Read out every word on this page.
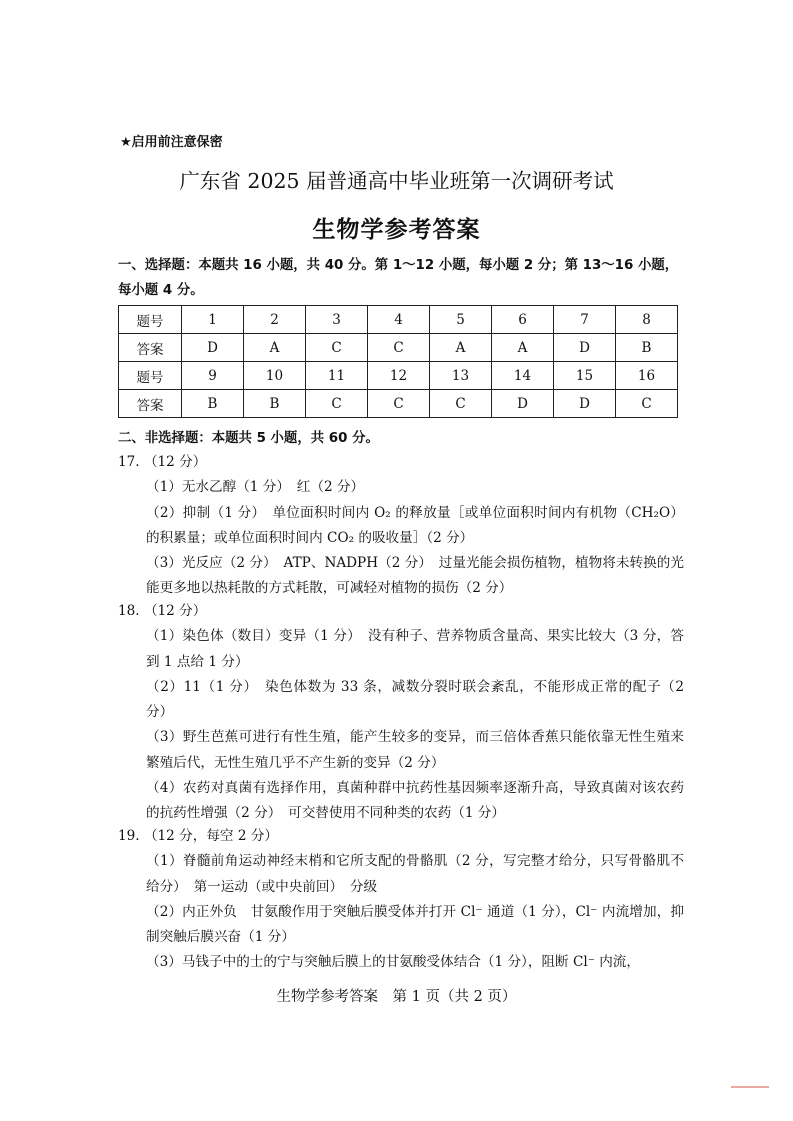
★启用前注意保密
广东省 2025 届普通高中毕业班第一次调研考试
生物学参考答案
一、选择题：本题共 16 小题，共 40 分。第 1～12 小题，每小题 2 分；第 13～16 小题，每小题 4 分。
题号	1	2	3	4	5	6	7	8
答案	D	A	C	C	A	A	D	B
题号	9	10	11	12	13	14	15	16
答案	B	B	C	C	C	D	D	C
二、非选择题：本题共 5 小题，共 60 分。
17. （12 分）
（1）无水乙醇（1 分）　红（2 分）
（2）抑制（1 分）　单位面积时间内 O₂ 的释放量［或单位面积时间内有机物（CH₂O）的积累量；或单位面积时间内 CO₂ 的吸收量］（2 分）
（3）光反应（2 分）　ATP、NADPH（2 分）　过量光能会损伤植物，植物将未转换的光能更多地以热耗散的方式耗散，可减轻对植物的损伤（2 分）
18. （12 分）
（1）染色体（数目）变异（1 分）　没有种子、营养物质含量高、果实比较大（3 分，答到 1 点给 1 分）
（2）11（1 分）　染色体数为 33 条，减数分裂时联会紊乱，不能形成正常的配子（2 分）
（3）野生芭蕉可进行有性生殖，能产生较多的变异，而三倍体香蕉只能依靠无性生殖来繁殖后代，无性生殖几乎不产生新的变异（2 分）
（4）农药对真菌有选择作用，真菌种群中抗药性基因频率逐渐升高，导致真菌对该农药的抗药性增强（2 分）　可交替使用不同种类的农药（1 分）
19. （12 分，每空 2 分）
（1）脊髓前角运动神经末梢和它所支配的骨骼肌（2 分，写完整才给分，只写骨骼肌不给分）　第一运动（或中央前回）　分级
（2）内正外负　甘氨酸作用于突触后膜受体并打开 Cl⁻ 通道（1 分），Cl⁻ 内流增加，抑制突触后膜兴奋（1 分）
（3）马钱子中的士的宁与突触后膜上的甘氨酸受体结合（1 分），阻断 Cl⁻ 内流，
生物学参考答案　第 1 页（共 2 页）
